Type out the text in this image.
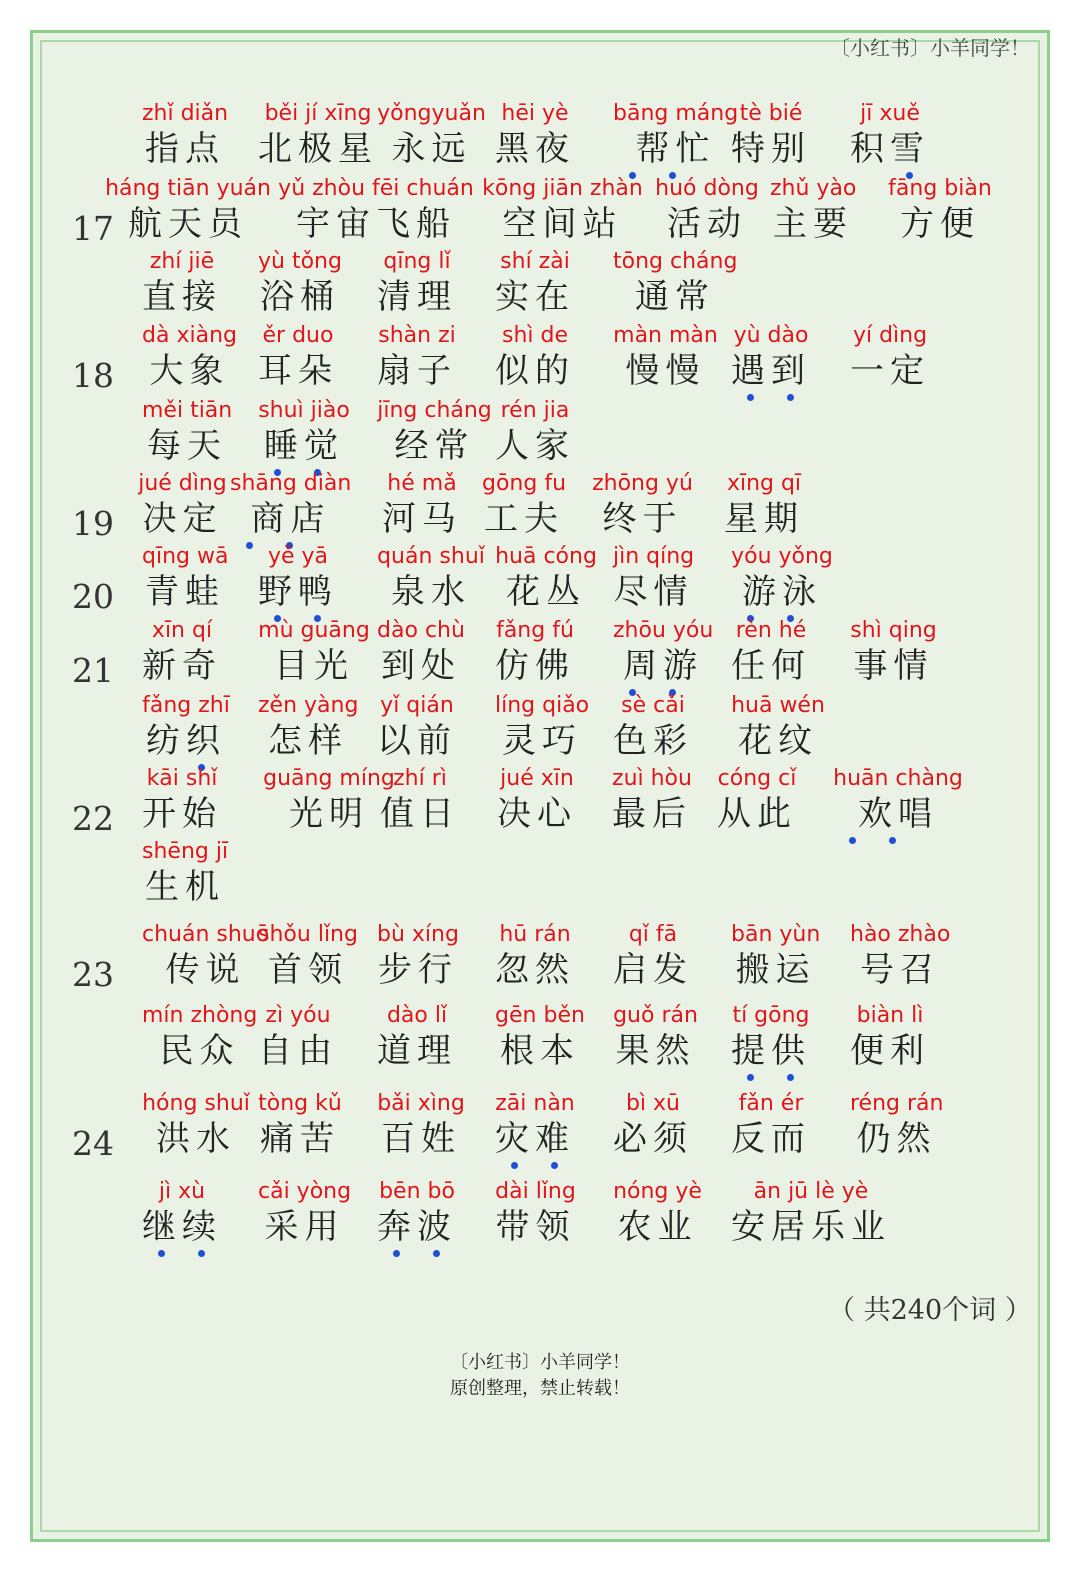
〔小红书〕小羊同学！
zhǐ diǎn
指点
běi jí xīng
北极星
yǒngyuǎn
永远
hēi yè
黑夜
bāng máng
帮忙
tè bié
特别
jī xuě
积雪
17
háng tiān yuán
航天员
yǔ zhòu fēi chuán
宇宙飞船
kōng jiān zhàn
空间站
huó dòng
活动
zhǔ yào
主要
fāng biàn
方便
zhí jiē
直接
yù tǒng
浴桶
qīng lǐ
清理
shí zài
实在
tōng cháng
通常
18
dà xiàng
大象
ěr duo
耳朵
shàn zi
扇子
shì de
似的
màn màn
慢慢
yù dào
遇到
yí dìng
一定
měi tiān
每天
shuì jiào
睡觉
jīng cháng
经常
rén jia
人家
19
jué dìng
决定
shāng diàn
商店
hé mǎ
河马
gōng fu
工夫
zhōng yú
终于
xīng qī
星期
20
qīng wā
青蛙
yě yā
野鸭
quán shuǐ
泉水
huā cóng
花丛
jìn qíng
尽情
yóu yǒng
游泳
21
xīn qí
新奇
mù guāng
目光
dào chù
到处
fǎng fú
仿佛
zhōu yóu
周游
rèn hé
任何
shì qing
事情
fǎng zhī
纺织
zěn yàng
怎样
yǐ qián
以前
líng qiǎo
灵巧
sè cǎi
色彩
huā wén
花纹
22
kāi shǐ
开始
guāng míng
光明
zhí rì
值日
jué xīn
决心
zuì hòu
最后
cóng cǐ
从此
huān chàng
欢唱
shēng jī
生机
23
chuán shuō
传说
shǒu lǐng
首领
bù xíng
步行
hū rán
忽然
qǐ fā
启发
bān yùn
搬运
hào zhào
号召
mín zhòng
民众
zì yóu
自由
dào lǐ
道理
gēn běn
根本
guǒ rán
果然
tí gōng
提供
biàn lì
便利
24
hóng shuǐ
洪水
tòng kǔ
痛苦
bǎi xìng
百姓
zāi nàn
灾难
bì xū
必须
fǎn ér
反而
réng rán
仍然
jì xù
继续
cǎi yòng
采用
bēn bō
奔波
dài lǐng
带领
nóng yè
农业
ān jū lè yè
安居乐业
（ 共240个词 ）
〔小红书〕小羊同学！
原创整理，禁止转载！
